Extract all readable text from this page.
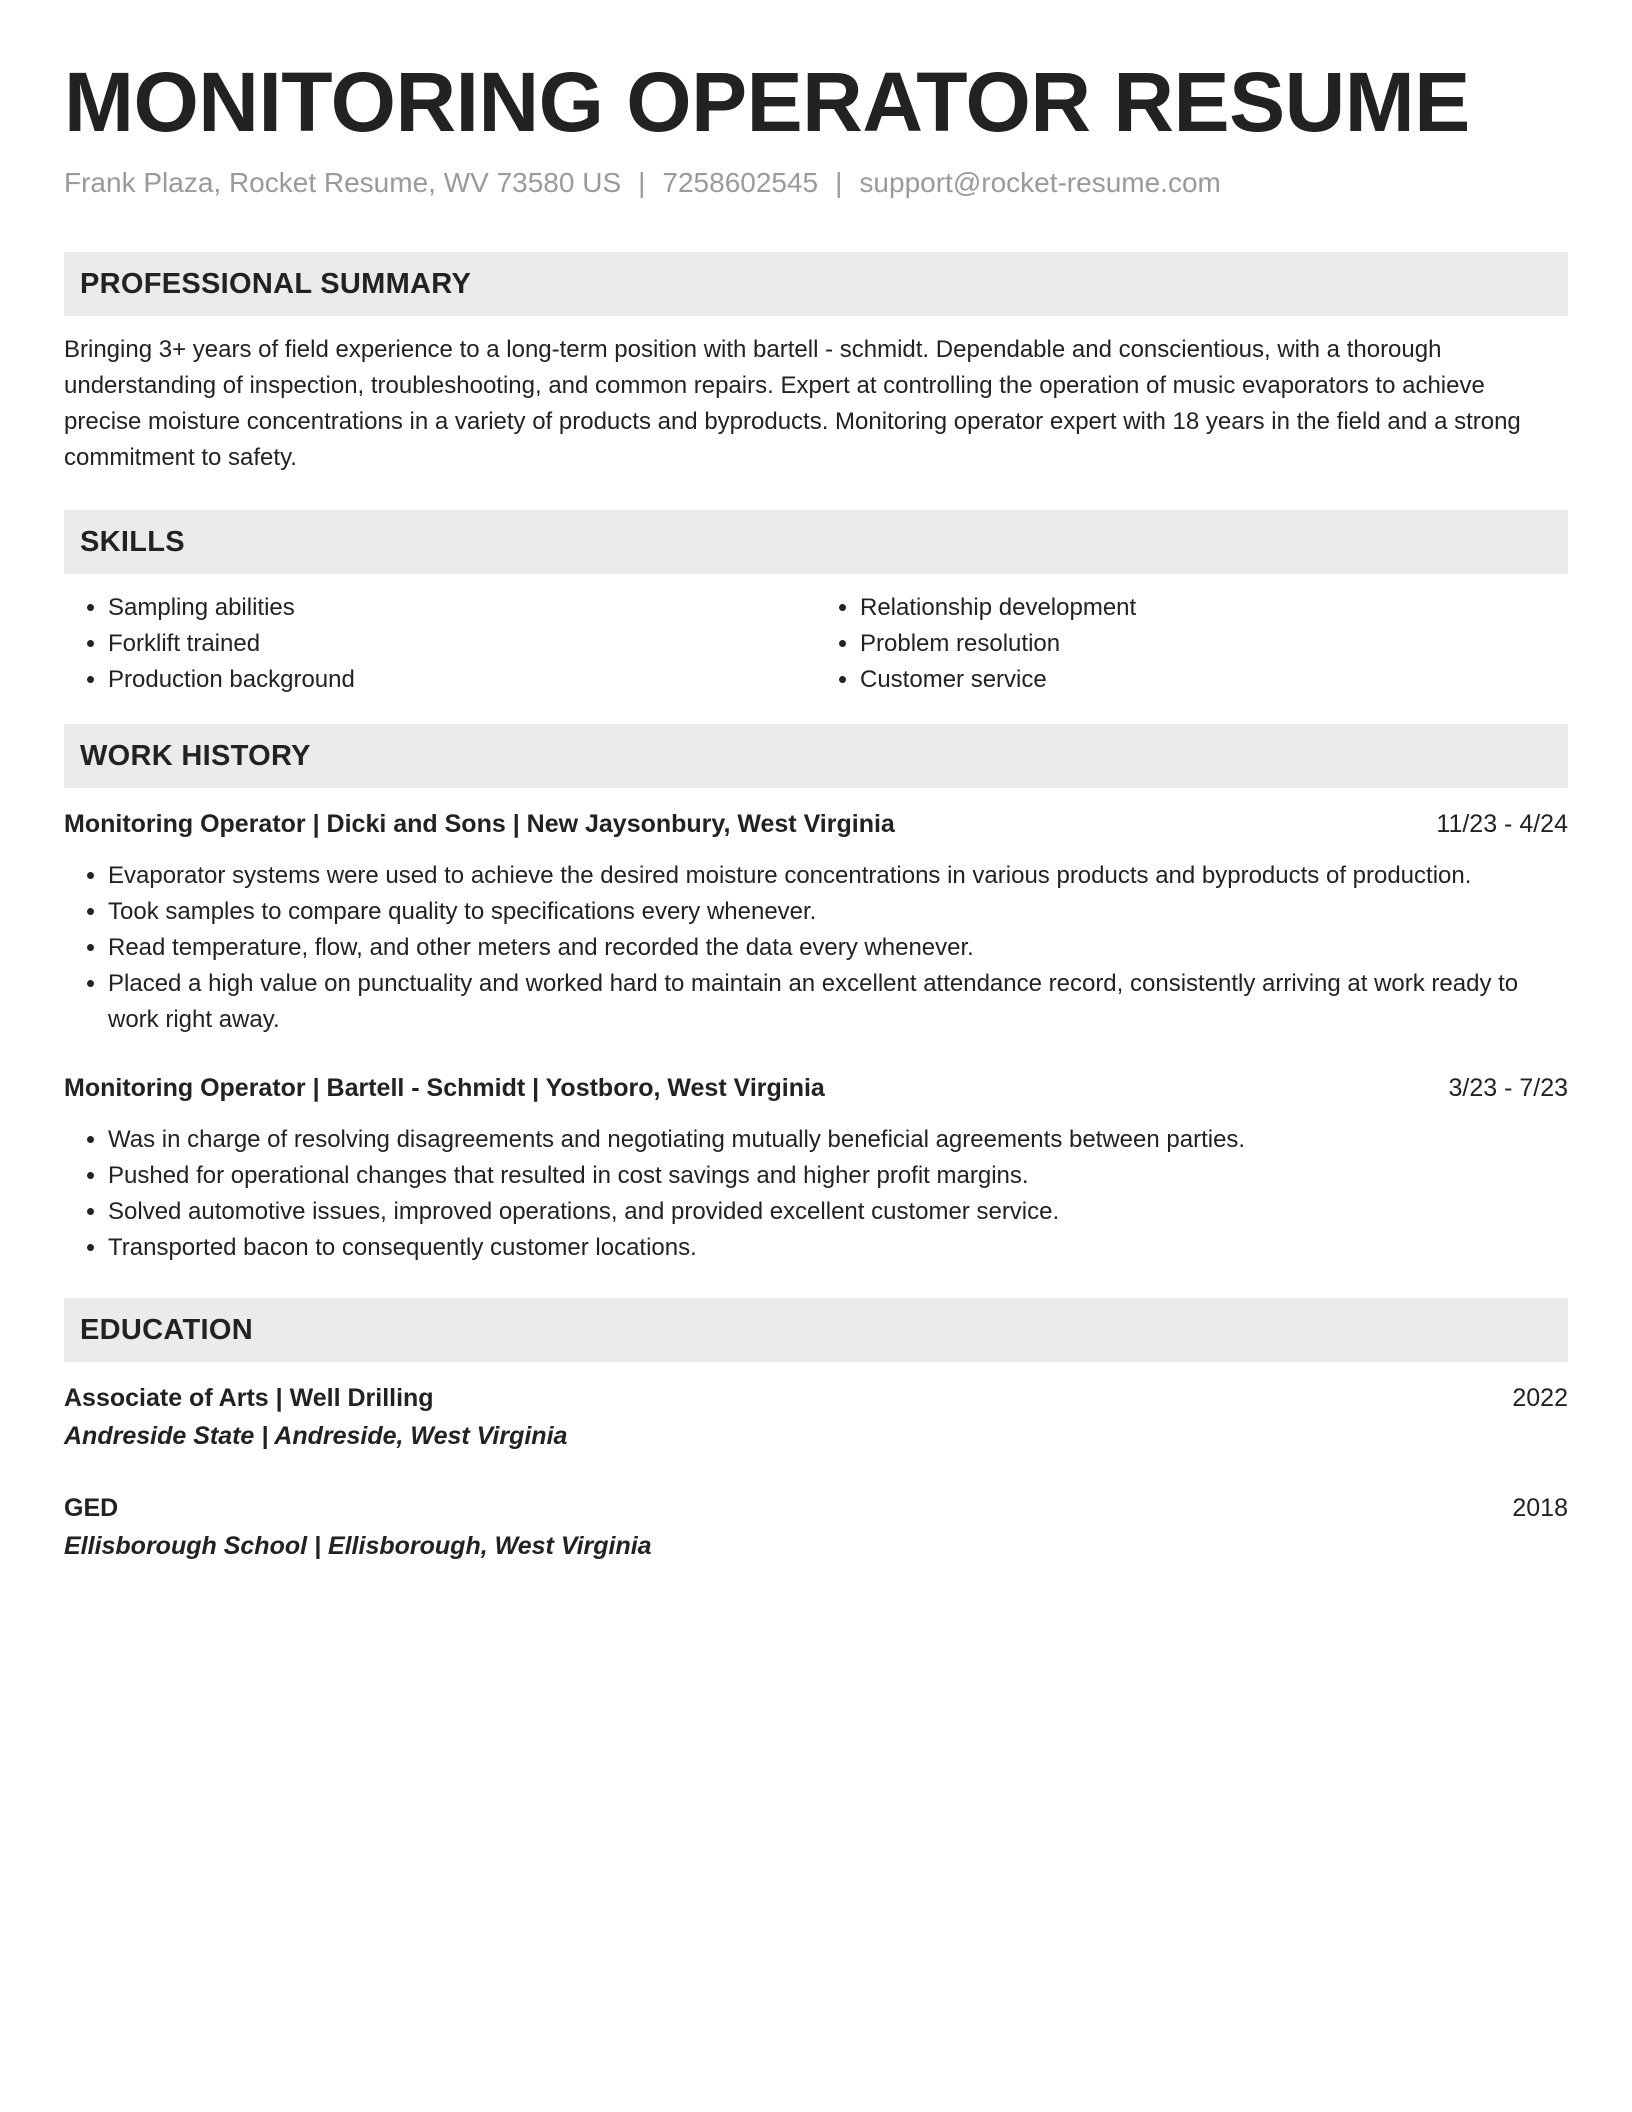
MONITORING OPERATOR RESUME
Frank Plaza, Rocket Resume, WV 73580 US | 7258602545 | support@rocket-resume.com
PROFESSIONAL SUMMARY
Bringing 3+ years of field experience to a long-term position with bartell - schmidt. Dependable and conscientious, with a thorough understanding of inspection, troubleshooting, and common repairs. Expert at controlling the operation of music evaporators to achieve precise moisture concentrations in a variety of products and byproducts. Monitoring operator expert with 18 years in the field and a strong commitment to safety.
SKILLS
• Sampling abilities
• Forklift trained
• Production background
• Relationship development
• Problem resolution
• Customer service
WORK HISTORY
Monitoring Operator | Dicki and Sons | New Jaysonbury, West Virginia	11/23 - 4/24
• Evaporator systems were used to achieve the desired moisture concentrations in various products and byproducts of production.
• Took samples to compare quality to specifications every whenever.
• Read temperature, flow, and other meters and recorded the data every whenever.
• Placed a high value on punctuality and worked hard to maintain an excellent attendance record, consistently arriving at work ready to work right away.
Monitoring Operator | Bartell - Schmidt | Yostboro, West Virginia	3/23 - 7/23
• Was in charge of resolving disagreements and negotiating mutually beneficial agreements between parties.
• Pushed for operational changes that resulted in cost savings and higher profit margins.
• Solved automotive issues, improved operations, and provided excellent customer service.
• Transported bacon to consequently customer locations.
EDUCATION
Associate of Arts | Well Drilling	2022
Andreside State | Andreside, West Virginia
GED	2018
Ellisborough School | Ellisborough, West Virginia
